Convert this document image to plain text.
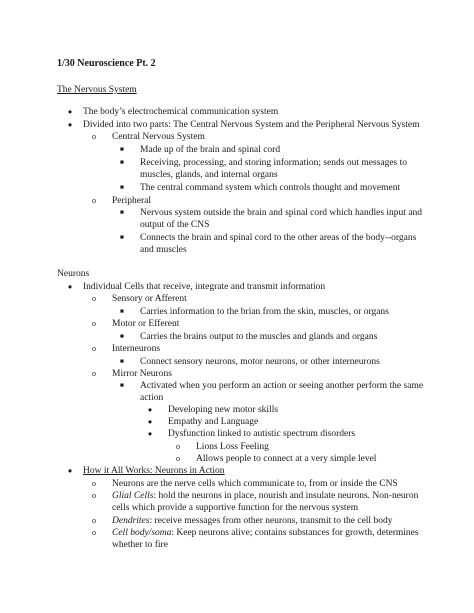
1/30 Neuroscience Pt. 2
The Nervous System
● The body’s electrochemical communication system
● Divided into two parts: The Central Nervous System and the Peripheral Nervous System
o	Central Nervous System
■	Made up of the brain and spinal cord
■	Receiving, processing, and storing information; sends out messages to
muscles, glands, and internal organs
■	The central command system which controls thought and movement
o	Peripheral
■	Nervous system outside the brain and spinal cord which handles input and
output of the CNS
■	Connects the brain and spinal cord to the other areas of the body--organs
and muscles
Neurons
● Individual Cells that receive, integrate and transmit information
o	Sensory or Afferent
■	Carries information to the brian from the skin, muscles, or organs
o	Motor or Efferent
■	Carries the brains output to the muscles and glands and organs
o	Interneurons
■	Connect sensory neurons, motor neurons, or other interneurons
o	Mirror Neurons
■	Activated when you perform an action or seeing another perform the same
action
● Developing new motor skills
● Empathy and Language
● Dysfunction linked to autistic spectrum disorders
o	Lions Loss Feeling
o	Allows people to connect at a very simple level
● How it All Works: Neurons in Action
o	Neurons are the nerve cells which communicate to, from or inside the CNS
o	Glial Cells: hold the neurons in place, nourish and insulate neurons. Non-neuron
cells which provide a supportive function for the nervous system
o	Dendrites: receive messages from other neurons, transmit to the cell body
o	Cell body/soma: Keep neurons alive; contains substances for growth, determines
whether to fire
